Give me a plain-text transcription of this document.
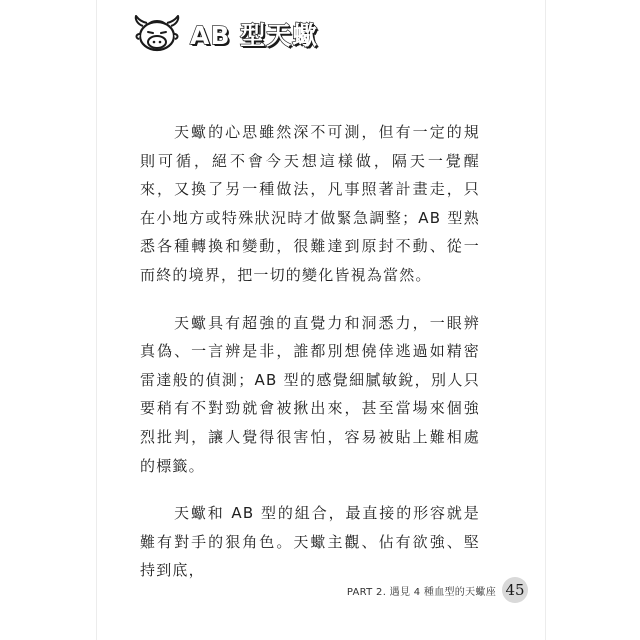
AB 型天蠍

天蠍的心思雖然深不可測，但有一定的規則可循，絕不會今天想這樣做，隔天一覺醒來，又換了另一種做法，凡事照著計畫走，只在小地方或特殊狀況時才做緊急調整；AB 型熟悉各種轉換和變動，很難達到原封不動、從一而終的境界，把一切的變化皆視為當然。

天蠍具有超強的直覺力和洞悉力，一眼辨真偽、一言辨是非，誰都別想僥倖逃過如精密雷達般的偵測；AB 型的感覺細膩敏銳，別人只要稍有不對勁就會被揪出來，甚至當場來個強烈批判，讓人覺得很害怕，容易被貼上難相處的標籤。

天蠍和 AB 型的組合，最直接的形容就是難有對手的狠角色。天蠍主觀、佔有欲強、堅持到底，

PART 2. 遇見 4 種血型的天蠍座 45
